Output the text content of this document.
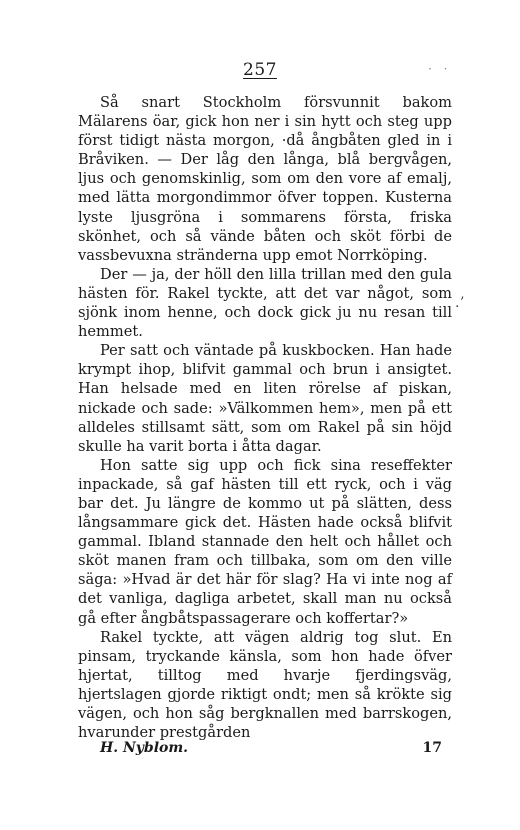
257	· ·

Så snart Stockholm försvunnit bakom Mälarens öar, gick hon ner i sin hytt och steg upp först tidigt nästa morgon, ·då ångbåten gled in i Bråviken. — Der låg den långa, blå bergvågen, ljus och genomskinlig, som om den vore af emalj, med lätta morgondimmor öfver toppen. Kusterna lyste ljusgröna i sommarens första, friska skönhet, och så vände båten och sköt förbi de vassbevuxna stränderna upp emot Norrköping.

Der — ja, der höll den lilla trillan med den gula hästen för. Rakel tyckte, att det var något, som sjönk inom henne, och dock gick ju nu resan till hemmet.

Per satt och väntade på kuskbocken. Han hade krympt ihop, blifvit gammal och brun i ansigtet. Han helsade med en liten rörelse af piskan, nickade och sade: »Välkommen hem», men på ett alldeles stillsamt sätt, som om Rakel på sin höjd skulle ha varit borta i åtta dagar.

Hon satte sig upp och fick sina reseffekter inpackade, så gaf hästen till ett ryck, och i väg bar det. Ju längre de kommo ut på slätten, dess långsammare gick det. Hästen hade också blifvit gammal. Ibland stannade den helt och hållet och sköt manen fram och tillbaka, som om den ville säga: »Hvad är det här för slag? Ha vi inte nog af det vanliga, dagliga arbetet, skall man nu också gå efter ångbåtspassagerare och koffertar?»

Rakel tyckte, att vägen aldrig tog slut. En pinsam, tryckande känsla, som hon hade öfver hjertat, tilltog med hvarje fjerdingsväg, hjertslagen gjorde riktigt ondt; men så krökte sig vägen, och hon såg bergknallen med barrskogen, hvarunder prestgården

.ʼ
H. Nyblom.	17
